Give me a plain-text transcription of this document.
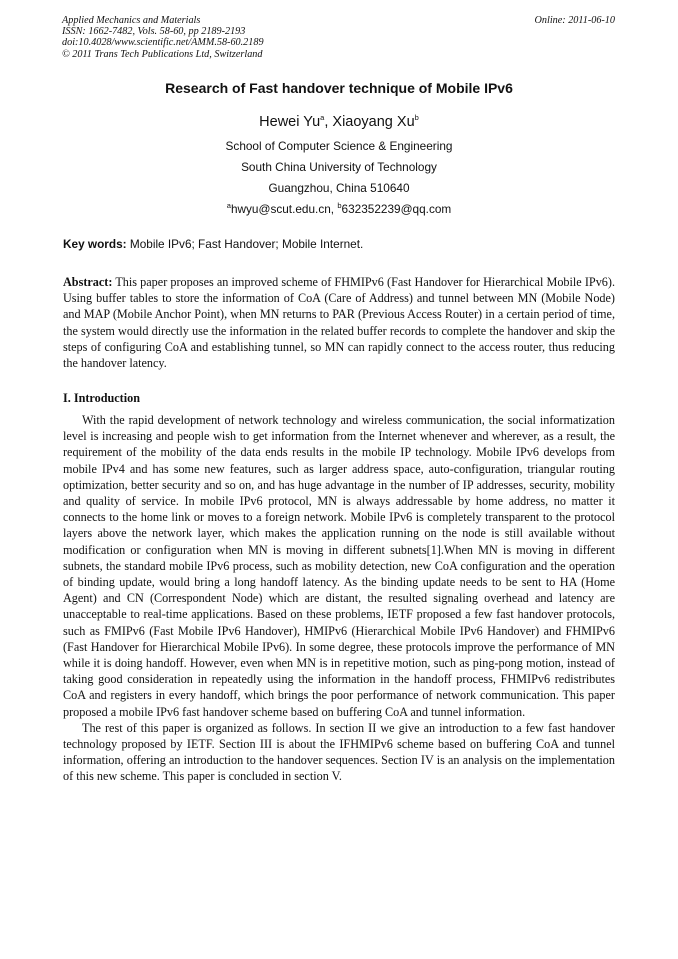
Applied Mechanics and Materials
ISSN: 1662-7482, Vols. 58-60, pp 2189-2193
doi:10.4028/www.scientific.net/AMM.58-60.2189
© 2011 Trans Tech Publications Ltd, Switzerland
Online: 2011-06-10
Research of Fast handover technique of Mobile IPv6
Hewei Yu$^a$, Xiaoyang Xu$^b$
School of Computer Science & Engineering
South China University of Technology
Guangzhou, China 510640
$^a$hwyu@scut.edu.cn, $^b$632352239@qq.com
Key words: Mobile IPv6; Fast Handover; Mobile Internet.
Abstract: This paper proposes an improved scheme of FHMIPv6 (Fast Handover for Hierarchical Mobile IPv6). Using buffer tables to store the information of CoA (Care of Address) and tunnel between MN (Mobile Node) and MAP (Mobile Anchor Point), when MN returns to PAR (Previous Access Router) in a certain period of time, the system would directly use the information in the related buffer records to complete the handover and skip the steps of configuring CoA and establishing tunnel, so MN can rapidly connect to the access router, thus reducing the handover latency.
I. Introduction

With the rapid development of network technology and wireless communication, the social informatization level is increasing and people wish to get information from the Internet whenever and wherever, as a result, the requirement of the mobility of the data ends results in the mobile IP technology. Mobile IPv6 develops from mobile IPv4 and has some new features, such as larger address space, auto-configuration, triangular routing optimization, better security and so on, and has huge advantage in the number of IP addresses, security, mobility and quality of service. In mobile IPv6 protocol, MN is always addressable by home address, no matter it connects to the home link or moves to a foreign network. Mobile IPv6 is completely transparent to the protocol layers above the network layer, which makes the application running on the node is still available without modification or configuration when MN is moving in different subnets[1].When MN is moving in different subnets, the standard mobile IPv6 process, such as mobility detection, new CoA configuration and the operation of binding update, would bring a long handoff latency. As the binding update needs to be sent to HA (Home Agent) and CN (Correspondent Node) which are distant, the resulted signaling overhead and latency are unacceptable to real-time applications. Based on these problems, IETF proposed a few fast handover protocols, such as FMIPv6 (Fast Mobile IPv6 Handover), HMIPv6 (Hierarchical Mobile IPv6 Handover) and FHMIPv6 (Fast Handover for Hierarchical Mobile IPv6). In some degree, these protocols improve the performance of MN while it is doing handoff. However, even when MN is in repetitive motion, such as ping-pong motion, instead of taking good consideration in repeatedly using the information in the handoff process, FHMIPv6 redistributes CoA and registers in every handoff, which brings the poor performance of network communication. This paper proposed a mobile IPv6 fast handover scheme based on buffering CoA and tunnel information.

The rest of this paper is organized as follows. In section II we give an introduction to a few fast handover technology proposed by IETF. Section III is about the IFHMIPv6 scheme based on buffering CoA and tunnel information, offering an introduction to the handover sequences. Section IV is an analysis on the implementation of this new scheme. This paper is concluded in section V.
